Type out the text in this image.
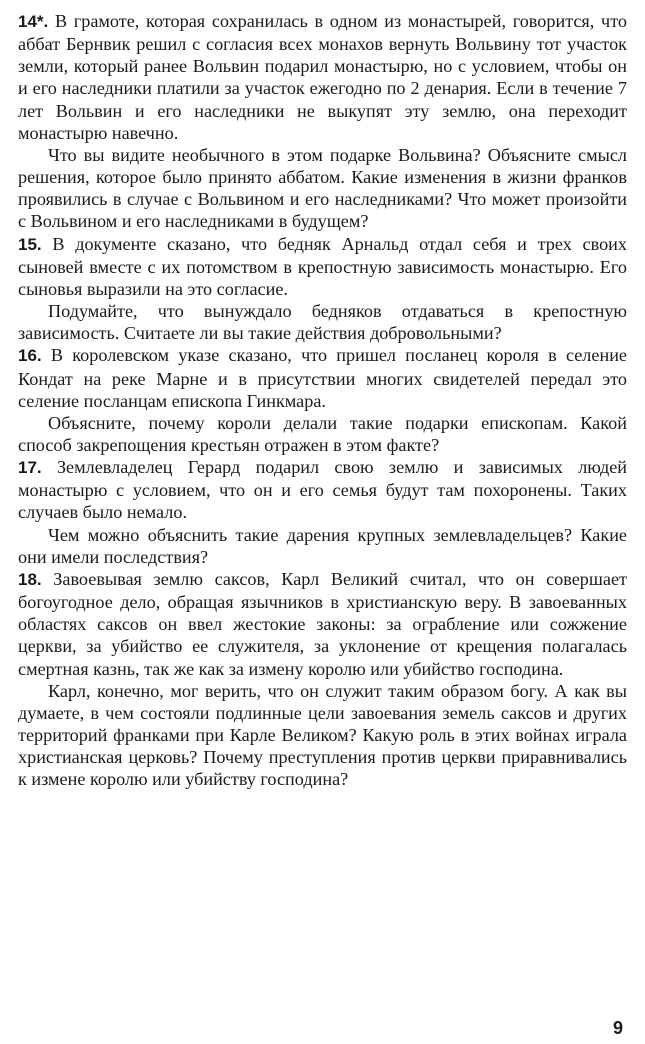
14*. В грамоте, которая сохранилась в одном из монастырей, говорится, что аббат Бернвик решил с согласия всех монахов вернуть Вольвину тот участок земли, который ранее Вольвин подарил монастырю, но с условием, чтобы он и его наследники платили за участок ежегодно по 2 денария. Если в течение 7 лет Вольвин и его наследники не выкупят эту землю, она переходит монастырю навечно.

Что вы видите необычного в этом подарке Вольвина? Объясните смысл решения, которое было принято аббатом. Какие изменения в жизни франков проявились в случае с Вольвином и его наследниками? Что может произойти с Вольвином и его наследниками в будущем?

15. В документе сказано, что бедняк Арнальд отдал себя и трех своих сыновей вместе с их потомством в крепостную зависимость монастырю. Его сыновья выразили на это согласие.

Подумайте, что вынуждало бедняков отдаваться в крепостную зависимость. Считаете ли вы такие действия добровольными?

16. В королевском указе сказано, что пришел посланец короля в селение Кондат на реке Марне и в присутствии многих свидетелей передал это селение посланцам епископа Гинкмара.

Объясните, почему короли делали такие подарки епископам. Какой способ закрепощения крестьян отражен в этом факте?

17. Землевладелец Герард подарил свою землю и зависимых людей монастырю с условием, что он и его семья будут там похоронены. Таких случаев было немало.

Чем можно объяснить такие дарения крупных землевладельцев? Какие они имели последствия?

18. Завоевывая землю саксов, Карл Великий считал, что он совершает богоугодное дело, обращая язычников в христианскую веру. В завоеванных областях саксов он ввел жестокие законы: за ограбление или сожжение церкви, за убийство ее служителя, за уклонение от крещения полагалась смертная казнь, так же как за измену королю или убийство господина.

Карл, конечно, мог верить, что он служит таким образом богу. А как вы думаете, в чем состояли подлинные цели завоевания земель саксов и других территорий франками при Карле Великом? Какую роль в этих войнах играла христианская церковь? Почему преступления против церкви приравнивались к измене королю или убийству господина?

9
